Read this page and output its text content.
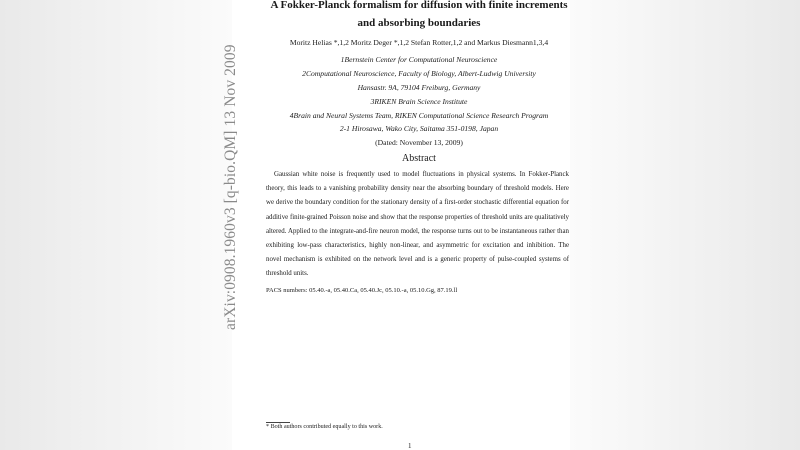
arXiv:0908.1960v3 [q-bio.QM] 13 Nov 2009
A Fokker-Planck formalism for diffusion with finite increments and absorbing boundaries
Moritz Helias *,1,2 Moritz Deger *,1,2 Stefan Rotter,1,2 and Markus Diesmann1,3,4
1Bernstein Center for Computational Neuroscience
2Computational Neuroscience, Faculty of Biology, Albert-Ludwig University
Hansastr. 9A, 79104 Freiburg, Germany
3RIKEN Brain Science Institute
4Brain and Neural Systems Team, RIKEN Computational Science Research Program
2-1 Hirosawa, Wako City, Saitama 351-0198, Japan
(Dated: November 13, 2009)
Abstract
Gaussian white noise is frequently used to model fluctuations in physical systems. In Fokker-Planck theory, this leads to a vanishing probability density near the absorbing boundary of threshold models. Here we derive the boundary condition for the stationary density of a first-order stochastic differential equation for additive finite-grained Poisson noise and show that the response properties of threshold units are qualitatively altered. Applied to the integrate-and-fire neuron model, the response turns out to be instantaneous rather than exhibiting low-pass characteristics, highly non-linear, and asymmetric for excitation and inhibition. The novel mechanism is exhibited on the network level and is a generic property of pulse-coupled systems of threshold units.
PACS numbers: 05.40.-a, 05.40.Ca, 05.40.Jc, 05.10.-a, 05.10.Gg, 87.19.ll
* Both authors contributed equally to this work.
1
